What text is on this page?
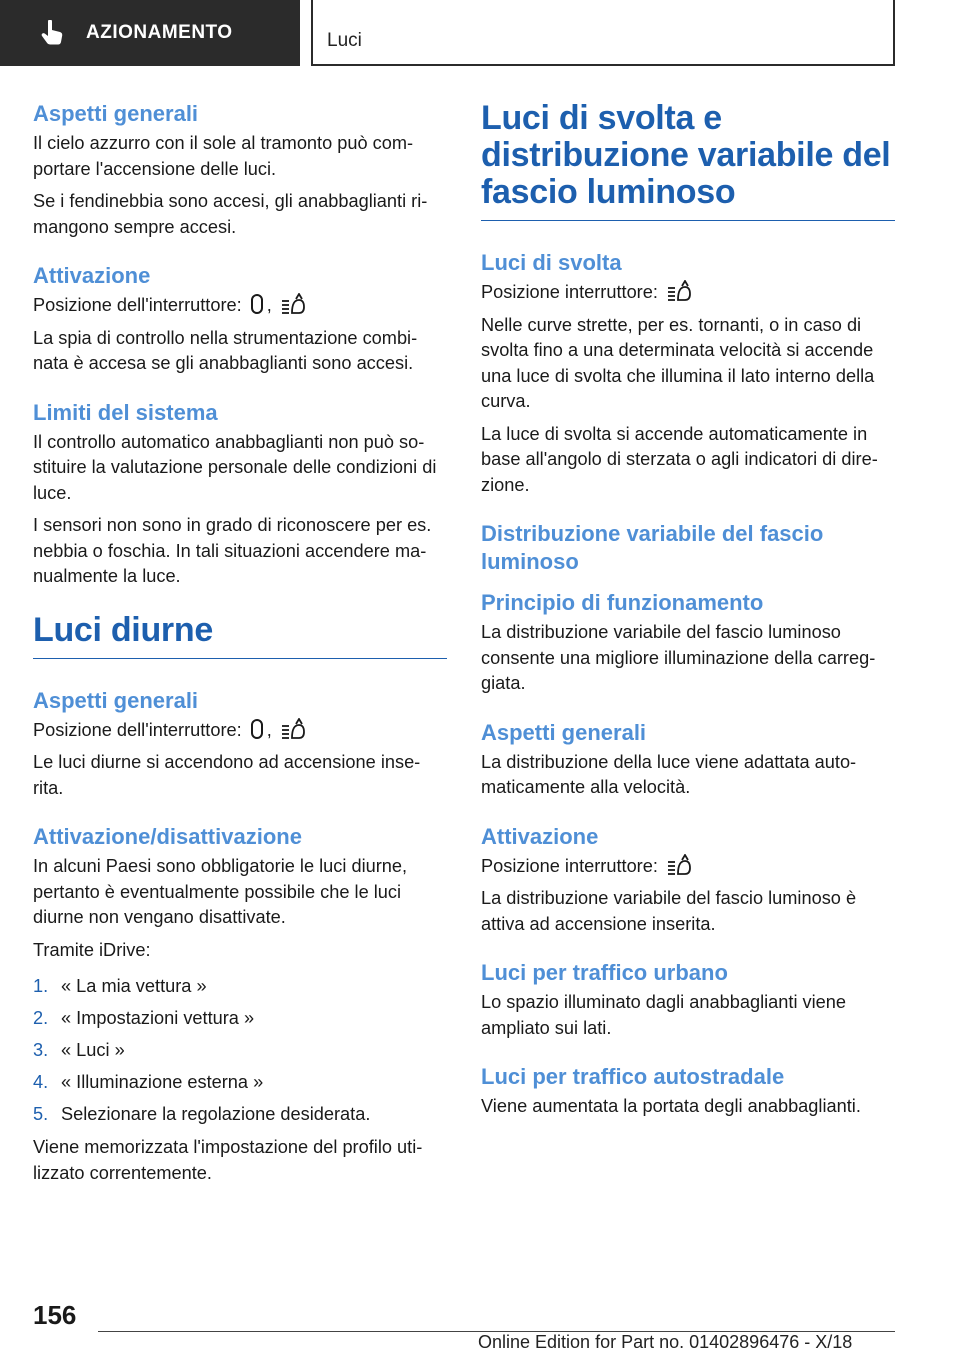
AZIONAMENTO	Luci
Aspetti generali

Il cielo azzurro con il sole al tramonto può com-portare l'accensione delle luci.

Se i fendinebbia sono accesi, gli anabbaglianti ri-mangono sempre accesi.

Attivazione

Posizione dell'interruttore: ,

La spia di controllo nella strumentazione combi-nata è accesa se gli anabbaglianti sono accesi.

Limiti del sistema

Il controllo automatico anabbaglianti non può so-stituire la valutazione personale delle condizioni di luce.

I sensori non sono in grado di riconoscere per es. nebbia o foschia. In tali situazioni accendere ma-nualmente la luce.

Luci diurne
Aspetti generali

Posizione dell'interruttore: ,

Le luci diurne si accendono ad accensione inse-rita.

Attivazione/disattivazione

In alcuni Paesi sono obbligatorie le luci diurne, pertanto è eventualmente possibile che le luci diurne non vengano disattivate.

Tramite iDrive:

1. « La mia vettura »
2. « Impostazioni vettura »
3. « Luci »
4. « Illuminazione esterna »
5. Selezionare la regolazione desiderata.

Viene memorizzata l'impostazione del profilo uti-lizzato correntemente.

Luci di svolta e distribuzione variabile del fascio luminoso
Luci di svolta

Posizione interruttore:

Nelle curve strette, per es. tornanti, o in caso di svolta fino a una determinata velocità si accende una luce di svolta che illumina il lato interno della curva.

La luce di svolta si accende automaticamente in base all'angolo di sterzata o agli indicatori di dire-zione.

Distribuzione variabile del fascio luminoso
Principio di funzionamento

La distribuzione variabile del fascio luminoso consente una migliore illuminazione della carreg-giata.

Aspetti generali

La distribuzione della luce viene adattata auto-maticamente alla velocità.

Attivazione

Posizione interruttore:

La distribuzione variabile del fascio luminoso è attiva ad accensione inserita.

Luci per traffico urbano

Lo spazio illuminato dagli anabbaglianti viene ampliato sui lati.

Luci per traffico autostradale

Viene aumentata la portata degli anabbaglianti.

156
Online Edition for Part no. 01402896476 - X/18
